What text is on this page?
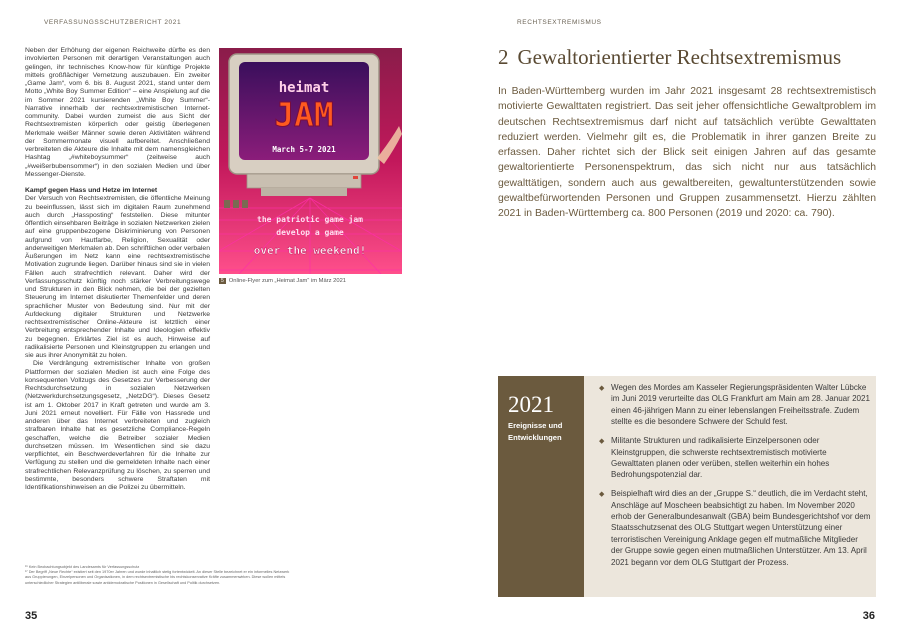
VERFASSUNGSSCHUTZBERICHT 2021

Neben der Erhöhung der eigenen Reichweite dürfte es den involvierten Personen mit derartigen Veranstaltungen auch gelingen, ihr technisches Know-how für künftige Projekte mittels großflächiger Vernetzung auszubauen. Ein zweiter „Game Jam“, vom 6. bis 8. August 2021, stand unter dem Motto „White Boy Summer Edition“ – eine Anspielung auf die im Sommer 2021 kursierenden „White Boy Summer“-Narrative innerhalb der rechtsextremistischen Internet-community. Dabei wurden zumeist die aus Sicht der Rechtsextremisten körperlich oder geistig überlegenen Merkmale weißer Männer sowie deren Aktivitäten während der Sommermonate visuell aufbereitet. Anschließend verbreiteten die Akteure die Inhalte mit dem namensgleichen Hashtag „#whiteboysummer“ (zeitweise auch „#weißerbubensommer“) in den sozialen Medien und über Messenger-Dienste.

Kampf gegen Hass und Hetze im Internet

Der Versuch von Rechtsextremisten, die öffentliche Meinung zu beeinflussen, lässt sich im digitalen Raum zunehmend auch durch „Hassposting“ feststellen. Diese mitunter öffentlich einsehbaren Beiträge in sozialen Netzwerken zielen auf eine gruppenbezogene Diskriminierung von Personen aufgrund von Hautfarbe, Religion, Sexualität oder anderweitigen Merkmalen ab. Den schriftlichen oder verbalen Äußerungen im Netz kann eine rechtsextremistische Motivation zugrunde liegen. Darüber hinaus sind sie in vielen Fällen auch strafrechtlich relevant. Daher wird der Verfassungsschutz künftig noch stärker Verbreitungswege und Strukturen in den Blick nehmen, die bei der gezielten Steuerung im Internet diskutierter Themenfelder und deren sprachlicher Muster von Bedeutung sind. Nur mit der Aufdeckung digitaler Strukturen und Netzwerke rechtsextremistischer Online-Akteure ist letztlich einer Verbreitung entsprechender Inhalte und Ideologien effektiv zu begegnen. Erklärtes Ziel ist es auch, Hinweise auf radikalisierte Personen und Kleinstgruppen zu erlangen und sie aus ihrer Anonymität zu holen.

Die Verdrängung extremistischer Inhalte von großen Plattformen der sozialen Medien ist auch eine Folge des konsequenten Vollzugs des Gesetzes zur Verbesserung der Rechtsdurchsetzung in sozialen Netzwerken (Netzwerkdurchsetzungsgesetz, „NetzDG“). Dieses Gesetz ist am 1. Oktober 2017 in Kraft getreten und wurde am 3. Juni 2021 erneut novelliert. Für Fälle von Hassrede und anderen über das Internet verbreiteten und zugleich strafbaren Inhalte hat es gesetzliche Compliance-Regeln geschaffen, welche die Betreiber sozialer Medien durchsetzen müssen. Im Wesentlichen sind sie dazu verpflichtet, ein Beschwerdeverfahren für die Inhalte zur Verfügung zu stellen und die gemeldeten Inhalte nach einer strafrechtlichen Relevanzprüfung zu löschen, zu sperren und bestimmte, besonders schwere Straftaten mit Identifikationshinweisen an die Polizei zu übermitteln.

heimat
JAM
March 5-7 2021
the patriotic game jam
develop a game
over the weekend!
5 Online-Flyer zum „Heimat Jam“ im März 2021

¹⁶ Kein Beobachtungsobjekt des Landesamts für Verfassungsschutz

¹⁷ Der Begriff „Neue Rechte“ existiert seit den 1970er Jahren und wurde inhaltlich stetig fortentwickelt. An dieser Stelle bezeichnet er ein informelles Netzwerk aus Gruppierungen, Einzelpersonen und Organisationen, in dem rechtsextremistische bis rechtskonservative Kräfte zusammenwirken. Diese wollen mittels unterschiedlicher Strategien antiliberale sowie antidemokratische Positionen in Gesellschaft und Politik durchsetzen.

35
RECHTSEXTREMISMUS
2 Gewaltorientierter Rechtsextremismus

In Baden-Württemberg wurden im Jahr 2021 insgesamt 28 rechtsextremistisch motivierte Gewalttaten registriert. Das seit jeher offensichtliche Gewaltproblem im deutschen Rechtsextremismus darf nicht auf tatsächlich verübte Gewalttaten reduziert werden. Vielmehr gilt es, die Problematik in ihrer ganzen Breite zu erfassen. Daher richtet sich der Blick seit einigen Jahren auf das gesamte gewaltorientierte Personenspektrum, das sich nicht nur aus tatsächlich gewalttätigen, sondern auch aus gewaltbereiten, gewaltunterstützenden sowie gewaltbefürwortenden Personen und Gruppen zusammensetzt. Hierzu zählten 2021 in Baden-Württemberg ca. 800 Personen (2019 und 2020: ca. 790).

2021
Ereignisse und Entwicklungen
◆ Wegen des Mordes am Kasseler Regierungspräsidenten Walter Lübcke im Juni 2019 verurteilte das OLG Frankfurt am Main am 28. Januar 2021 einen 46-jährigen Mann zu einer lebenslangen Freiheitsstrafe. Zudem stellte es die besondere Schwere der Schuld fest.
◆ Militante Strukturen und radikalisierte Einzelpersonen oder Kleinstgruppen, die schwerste rechtsextremistisch motivierte Gewalttaten planen oder verüben, stellen weiterhin ein hohes Bedrohungspotenzial dar.
◆ Beispielhaft wird dies an der „Gruppe S.“ deutlich, die im Verdacht steht, Anschläge auf Moscheen beabsichtigt zu haben. Im November 2020 erhob der Generalbundesanwalt (GBA) beim Bundesgerichtshof vor dem Staatsschutzsenat des OLG Stuttgart wegen Unterstützung einer terroristischen Vereinigung Anklage gegen elf mutmaßliche Mitglieder der Gruppe sowie gegen einen mutmaßlichen Unterstützer. Am 13. April 2021 begann vor dem OLG Stuttgart der Prozess.
36
